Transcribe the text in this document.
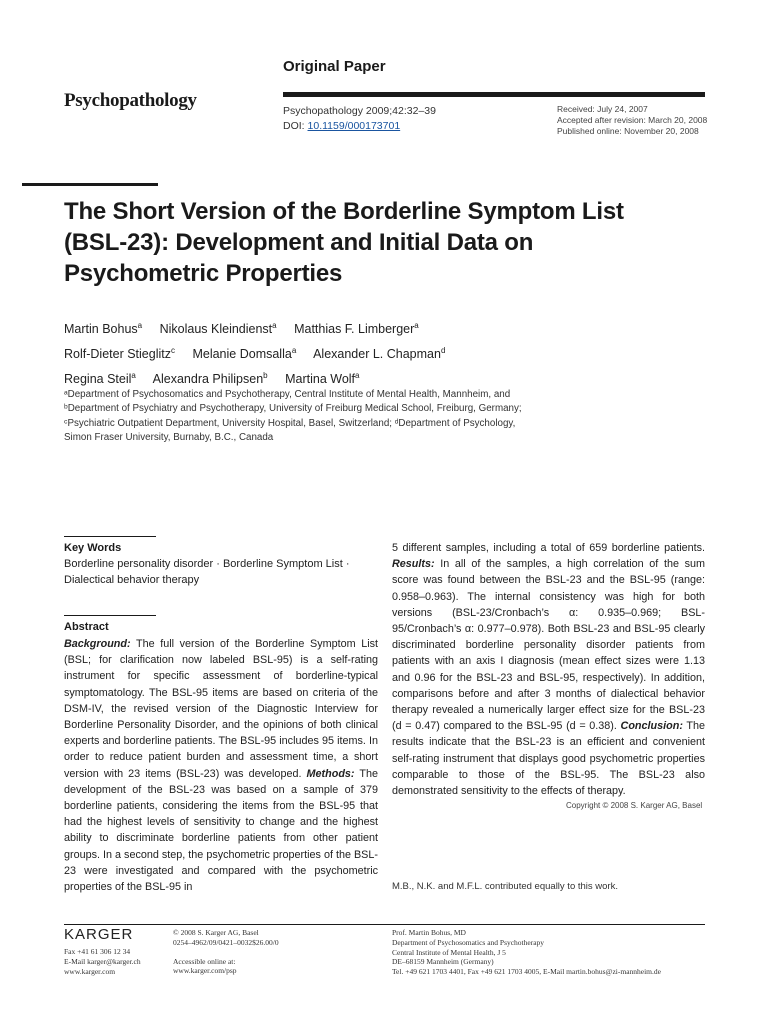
Psychopathology
Original Paper
Psychopathology 2009;42:32–39
DOI: 10.1159/000173701
Received: July 24, 2007
Accepted after revision: March 20, 2008
Published online: November 20, 2008
The Short Version of the Borderline Symptom List (BSL-23): Development and Initial Data on Psychometric Properties
Martin Bohus$^a$ Nikolaus Kleindienst$^a$ Matthias F. Limberger$^a$
Rolf-Dieter Stieglitz$^c$ Melanie Domsalla$^a$ Alexander L. Chapman$^d$
Regina Steil$^a$ Alexandra Philipsen$^b$ Martina Wolf$^a$
ᵃDepartment of Psychosomatics and Psychotherapy, Central Institute of Mental Health, Mannheim, and
ᵇDepartment of Psychiatry and Psychotherapy, University of Freiburg Medical School, Freiburg, Germany;
ᶜPsychiatric Outpatient Department, University Hospital, Basel, Switzerland; ᵈDepartment of Psychology,
Simon Fraser University, Burnaby, B.C., Canada
Key Words
Borderline personality disorder · Borderline Symptom List · Dialectical behavior therapy
Abstract
Background: The full version of the Borderline Symptom List (BSL; for clarification now labeled BSL-95) is a self-rating instrument for specific assessment of borderline-typical symptomatology. The BSL-95 items are based on criteria of the DSM-IV, the revised version of the Diagnostic Interview for Borderline Personality Disorder, and the opinions of both clinical experts and borderline patients. The BSL-95 includes 95 items. In order to reduce patient burden and assessment time, a short version with 23 items (BSL-23) was developed. Methods: The development of the BSL-23 was based on a sample of 379 borderline patients, considering the items from the BSL-95 that had the highest levels of sensitivity to change and the highest ability to discriminate borderline patients from other patient groups. In a second step, the psychometric properties of the BSL-23 were investigated and compared with the psychometric properties of the BSL-95 in
5 different samples, including a total of 659 borderline patients. Results: In all of the samples, a high correlation of the sum score was found between the BSL-23 and the BSL-95 (range: 0.958–0.963). The internal consistency was high for both versions (BSL-23/Cronbach’s α: 0.935–0.969; BSL-95/Cronbach’s α: 0.977–0.978). Both BSL-23 and BSL-95 clearly discriminated borderline personality disorder patients from patients with an axis I diagnosis (mean effect sizes were 1.13 and 0.96 for the BSL-23 and BSL-95, respectively). In addition, comparisons before and after 3 months of dialectical behavior therapy revealed a numerically larger effect size for the BSL-23 (d = 0.47) compared to the BSL-95 (d = 0.38). Conclusion: The results indicate that the BSL-23 is an efficient and convenient self-rating instrument that displays good psychometric properties comparable to those of the BSL-95. The BSL-23 also demonstrated sensitivity to the effects of therapy.
Copyright © 2008 S. Karger AG, Basel
M.B., N.K. and M.F.L. contributed equally to this work.
KARGER
Fax +41 61 306 12 34
E-Mail karger@karger.ch
www.karger.com
© 2008 S. Karger AG, Basel
0254–4962/09/0421–0032$26.00/0
Accessible online at:
www.karger.com/psp
Prof. Martin Bohus, MD
Department of Psychosomatics and Psychotherapy
Central Institute of Mental Health, J 5
DE–68159 Mannheim (Germany)
Tel. +49 621 1703 4401, Fax +49 621 1703 4005, E-Mail martin.bohus@zi-mannheim.de
